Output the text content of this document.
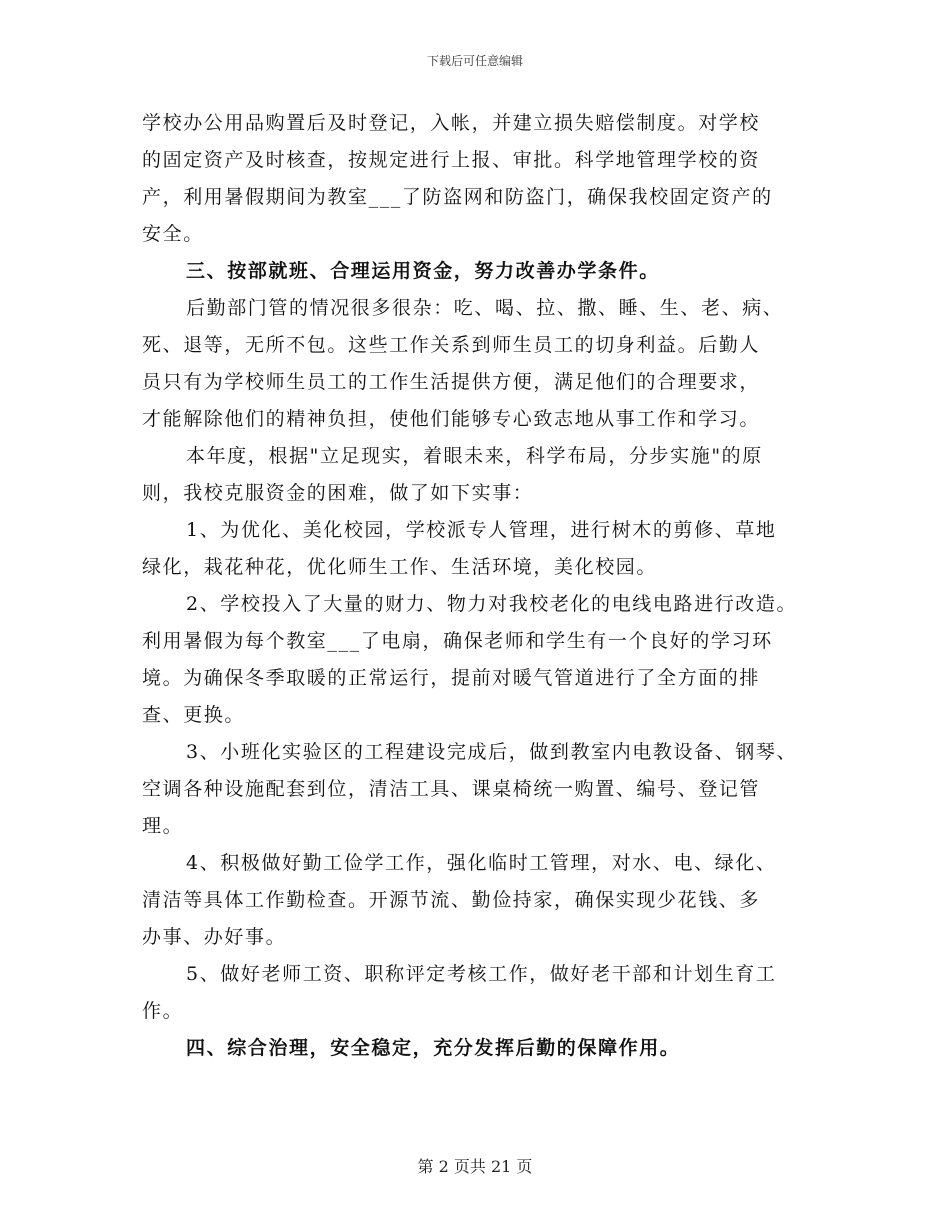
下载后可任意编辑
学校办公用品购置后及时登记，入帐，并建立损失赔偿制度。对学校
的固定资产及时核查，按规定进行上报、审批。科学地管理学校的资
产，利用暑假期间为教室___了防盗网和防盗门，确保我校固定资产的
安全。
三、按部就班、合理运用资金，努力改善办学条件。
后勤部门管的情况很多很杂：吃、喝、拉、撒、睡、生、老、病、
死、退等，无所不包。这些工作关系到师生员工的切身利益。后勤人
员只有为学校师生员工的工作生活提供方便，满足他们的合理要求，
才能解除他们的精神负担，使他们能够专心致志地从事工作和学习。
本年度，根据"立足现实，着眼未来，科学布局，分步实施"的原
则，我校克服资金的困难，做了如下实事：
1、为优化、美化校园，学校派专人管理，进行树木的剪修、草地
绿化，栽花种花，优化师生工作、生活环境，美化校园。
2、学校投入了大量的财力、物力对我校老化的电线电路进行改造。
利用暑假为每个教室___了电扇，确保老师和学生有一个良好的学习环
境。为确保冬季取暖的正常运行，提前对暖气管道进行了全方面的排
查、更换。
3、小班化实验区的工程建设完成后，做到教室内电教设备、钢琴、
空调各种设施配套到位，清洁工具、课桌椅统一购置、编号、登记管
理。
4、积极做好勤工俭学工作，强化临时工管理，对水、电、绿化、
清洁等具体工作勤检查。开源节流、勤俭持家，确保实现少花钱、多
办事、办好事。
5、做好老师工资、职称评定考核工作，做好老干部和计划生育工
作。
四、综合治理，安全稳定，充分发挥后勤的保障作用。
第 2 页共 21 页
